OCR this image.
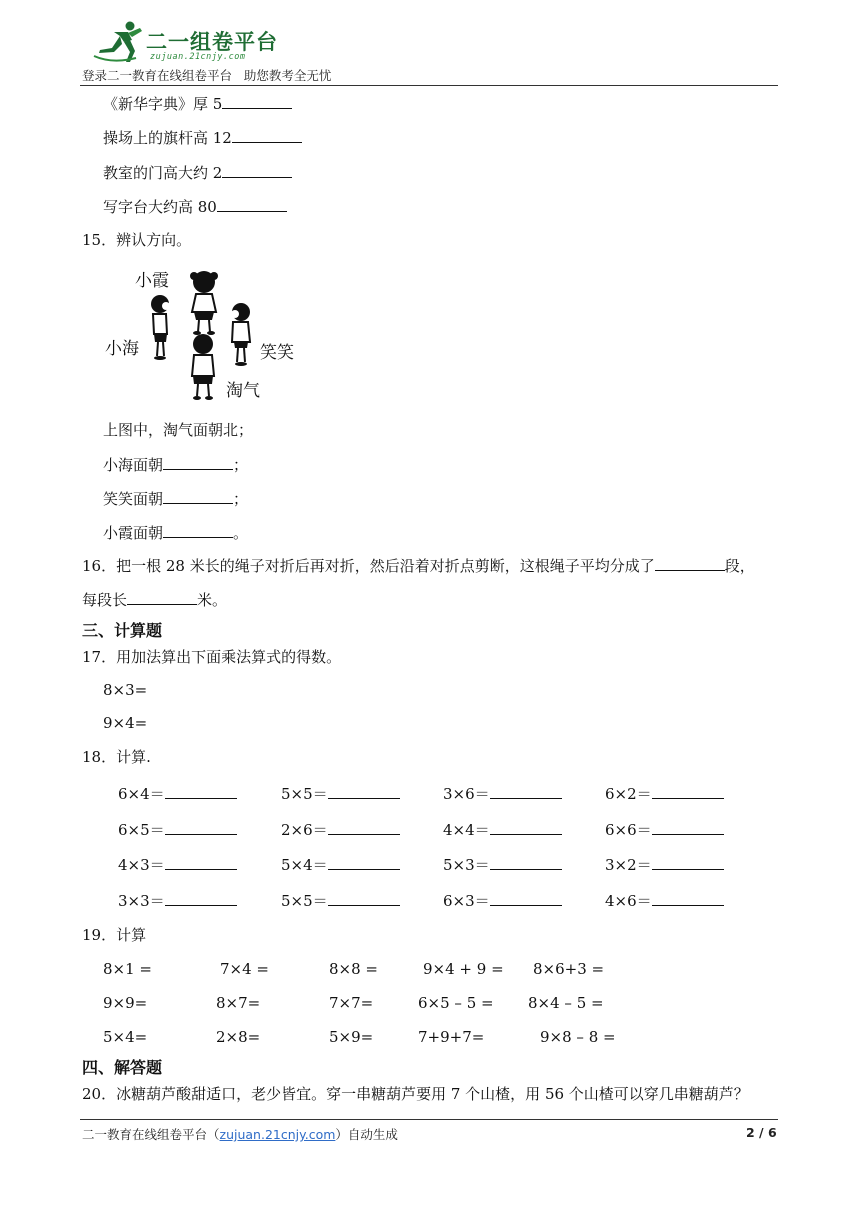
二一组卷平台
zujuan.21cnjy.com
登录二一教育在线组卷平台   助您教考全无忧
《新华字典》厚 5
操场上的旗杆高 12
教室的门高大约 2
写字台大约高 80
15．辨认方向。
小霞
小海	笑笑
淘气
上图中，淘气面朝北；
小海面朝	；
笑笑面朝	；
小霞面朝	。
16．把一根 28 米长的绳子对折后再对折，然后沿着对折点剪断，这根绳子平均分成了	段，
每段长	米。
三、计算题
17．用加法算出下面乘法算式的得数。
8×3=
9×4=
18．计算.
6×4＝	5×5＝	3×6＝	6×2＝
6×5＝	2×6＝	4×4＝	6×6＝
4×3＝	5×4＝	5×3＝	3×2＝
3×3＝	5×5＝	6×3＝	4×6＝
19．计算
8×1 =	7×4 =	8×8 =	9×4 + 9 = 8×6+3 =
9×9=	8×7=	7×7=	6×5 – 5 = 8×4 – 5 =
5×4=	2×8=	5×9=	7+9+7=	9×8 – 8 =
四、解答题
20．冰糖葫芦酸甜适口，老少皆宜。穿一串糖葫芦要用 7 个山楂，用 56 个山楂可以穿几串糖葫芦？
二一教育在线组卷平台（zujuan.21cnjy.com）自动生成	2 / 6
